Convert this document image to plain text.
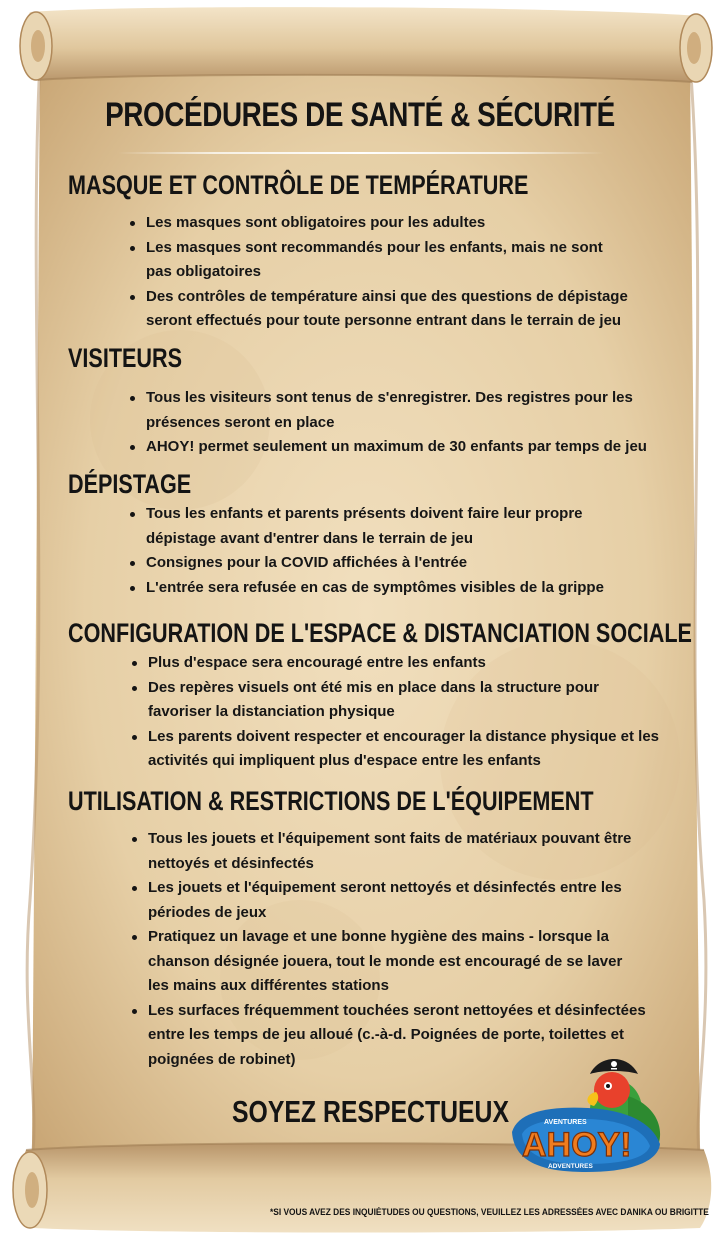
PROCÉDURES DE SANTÉ & SÉCURITÉ
MASQUE ET CONTRÔLE DE TEMPÉRATURE
Les masques sont obligatoires pour les adultes
Les masques sont recommandés pour les enfants, mais ne sont pas obligatoires
Des contrôles de température ainsi que des questions de dépistage seront effectués pour toute personne entrant dans le terrain de jeu
VISITEURS
Tous les visiteurs sont tenus de s'enregistrer. Des registres pour les présences seront en place
AHOY! permet seulement un maximum de 30 enfants par temps de jeu
DÉPISTAGE
Tous les enfants et parents présents doivent faire leur propre dépistage avant d'entrer dans le terrain de jeu
Consignes pour la COVID affichées à l'entrée
L'entrée sera refusée en cas de symptômes visibles de la grippe
CONFIGURATION DE L'ESPACE & DISTANCIATION SOCIALE
Plus d'espace sera encouragé entre les enfants
Des repères visuels ont été mis en place dans la structure pour favoriser la distanciation physique
Les parents doivent respecter et encourager la distance physique et les activités qui impliquent plus d'espace entre les enfants
UTILISATION & RESTRICTIONS DE L'ÉQUIPEMENT
Tous les jouets et l'équipement sont faits de matériaux pouvant être nettoyés et désinfectés
Les jouets et l'équipement seront nettoyés et désinfectés entre les périodes de jeux
Pratiquez un lavage et une bonne hygiène des mains - lorsque la chanson désignée jouera, tout le monde est encouragé de se laver les mains aux différentes stations
Les surfaces fréquemment touchées seront nettoyées et désinfectées entre les temps de jeu alloué (c.-à-d. Poignées de porte, toilettes et poignées de robinet)
SOYEZ RESPECTUEUX	AVENTURES
AHOY!
ADVENTURES
*SI VOUS AVEZ DES INQUIÉTUDES OU QUESTIONS, VEUILLEZ LES ADRESSÉES AVEC DANIKA OU BRIGITTE
